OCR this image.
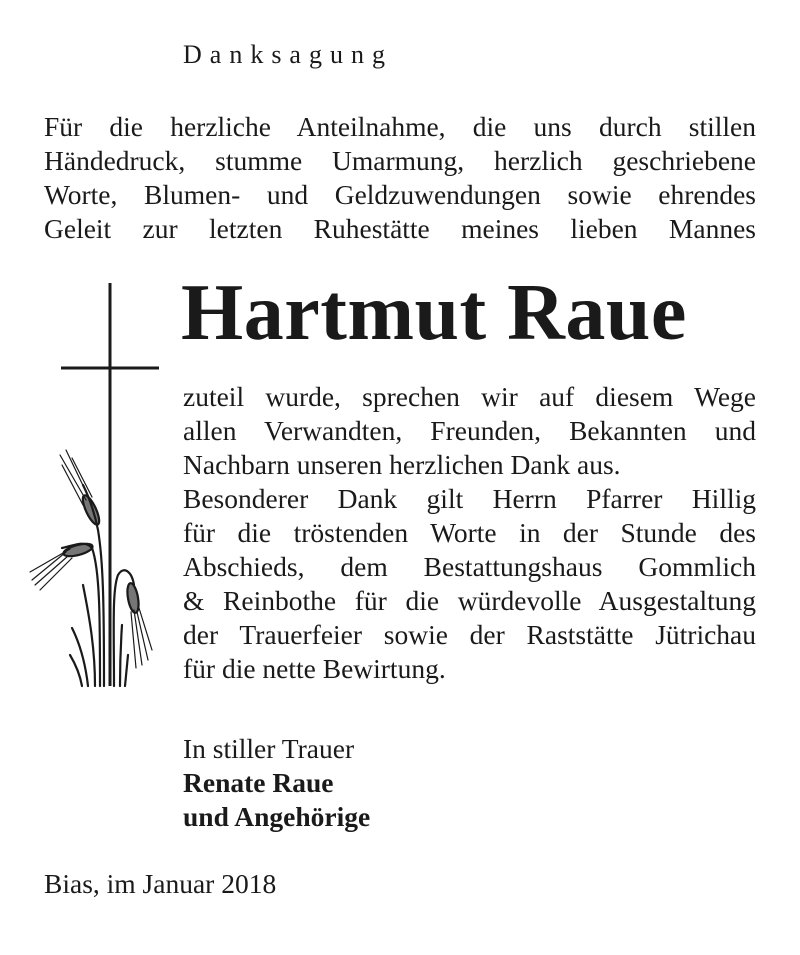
Danksagung
Für die herzliche Anteilnahme, die uns durch stillen
Händedruck, stumme Umarmung, herzlich geschriebene
Worte, Blumen- und Geldzuwendungen sowie ehrendes
Geleit zur letzten Ruhestätte meines lieben Mannes
Hartmut Raue
zuteil wurde, sprechen wir auf diesem Wege
allen Verwandten, Freunden, Bekannten und
Nachbarn unseren herzlichen Dank aus.
Besonderer Dank gilt Herrn Pfarrer Hillig
für die tröstenden Worte in der Stunde des
Abschieds, dem Bestattungshaus Gommlich
& Reinbothe für die würdevolle Ausgestaltung
der Trauerfeier sowie der Raststätte Jütrichau
für die nette Bewirtung.
In stiller Trauer
Renate Raue
und Angehörige
Bias, im Januar 2018
